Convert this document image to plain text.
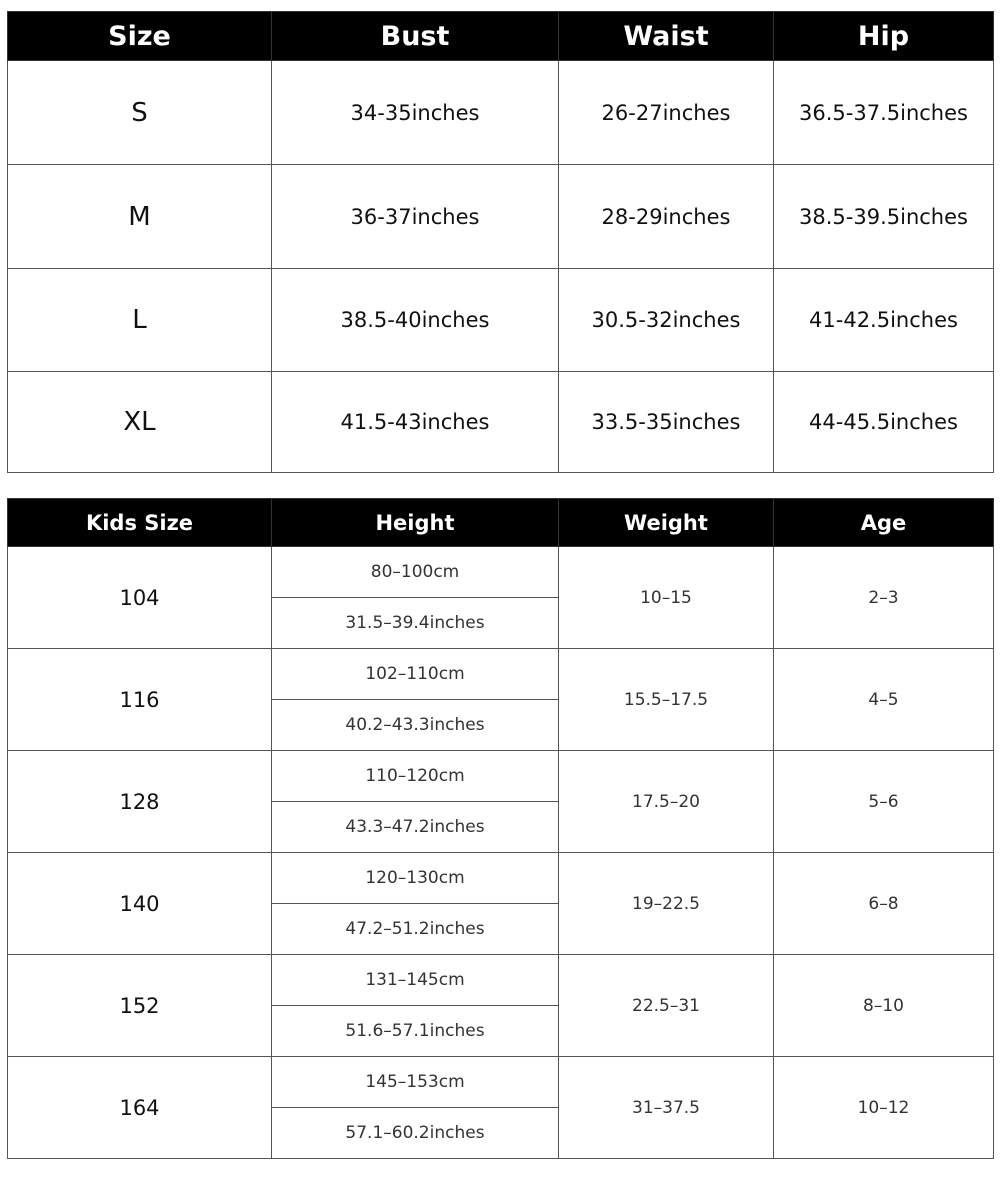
Size	Bust	Waist	Hip
S	34-35inches	26-27inches	36.5-37.5inches
M	36-37inches	28-29inches	38.5-39.5inches
L	38.5-40inches	30.5-32inches	41-42.5inches
XL	41.5-43inches	33.5-35inches	44-45.5inches
Kids Size	Height	Weight	Age
104	80–100cm	10–15	2–3
	31.5–39.4inches		
116	102–110cm	15.5–17.5	4–5
	40.2–43.3inches		
128	110–120cm	17.5–20	5–6
	43.3–47.2inches		
140	120–130cm	19–22.5	6–8
	47.2–51.2inches		
152	131–145cm	22.5–31	8–10
	51.6–57.1inches		
164	145–153cm	31–37.5	10–12
	57.1–60.2inches		
